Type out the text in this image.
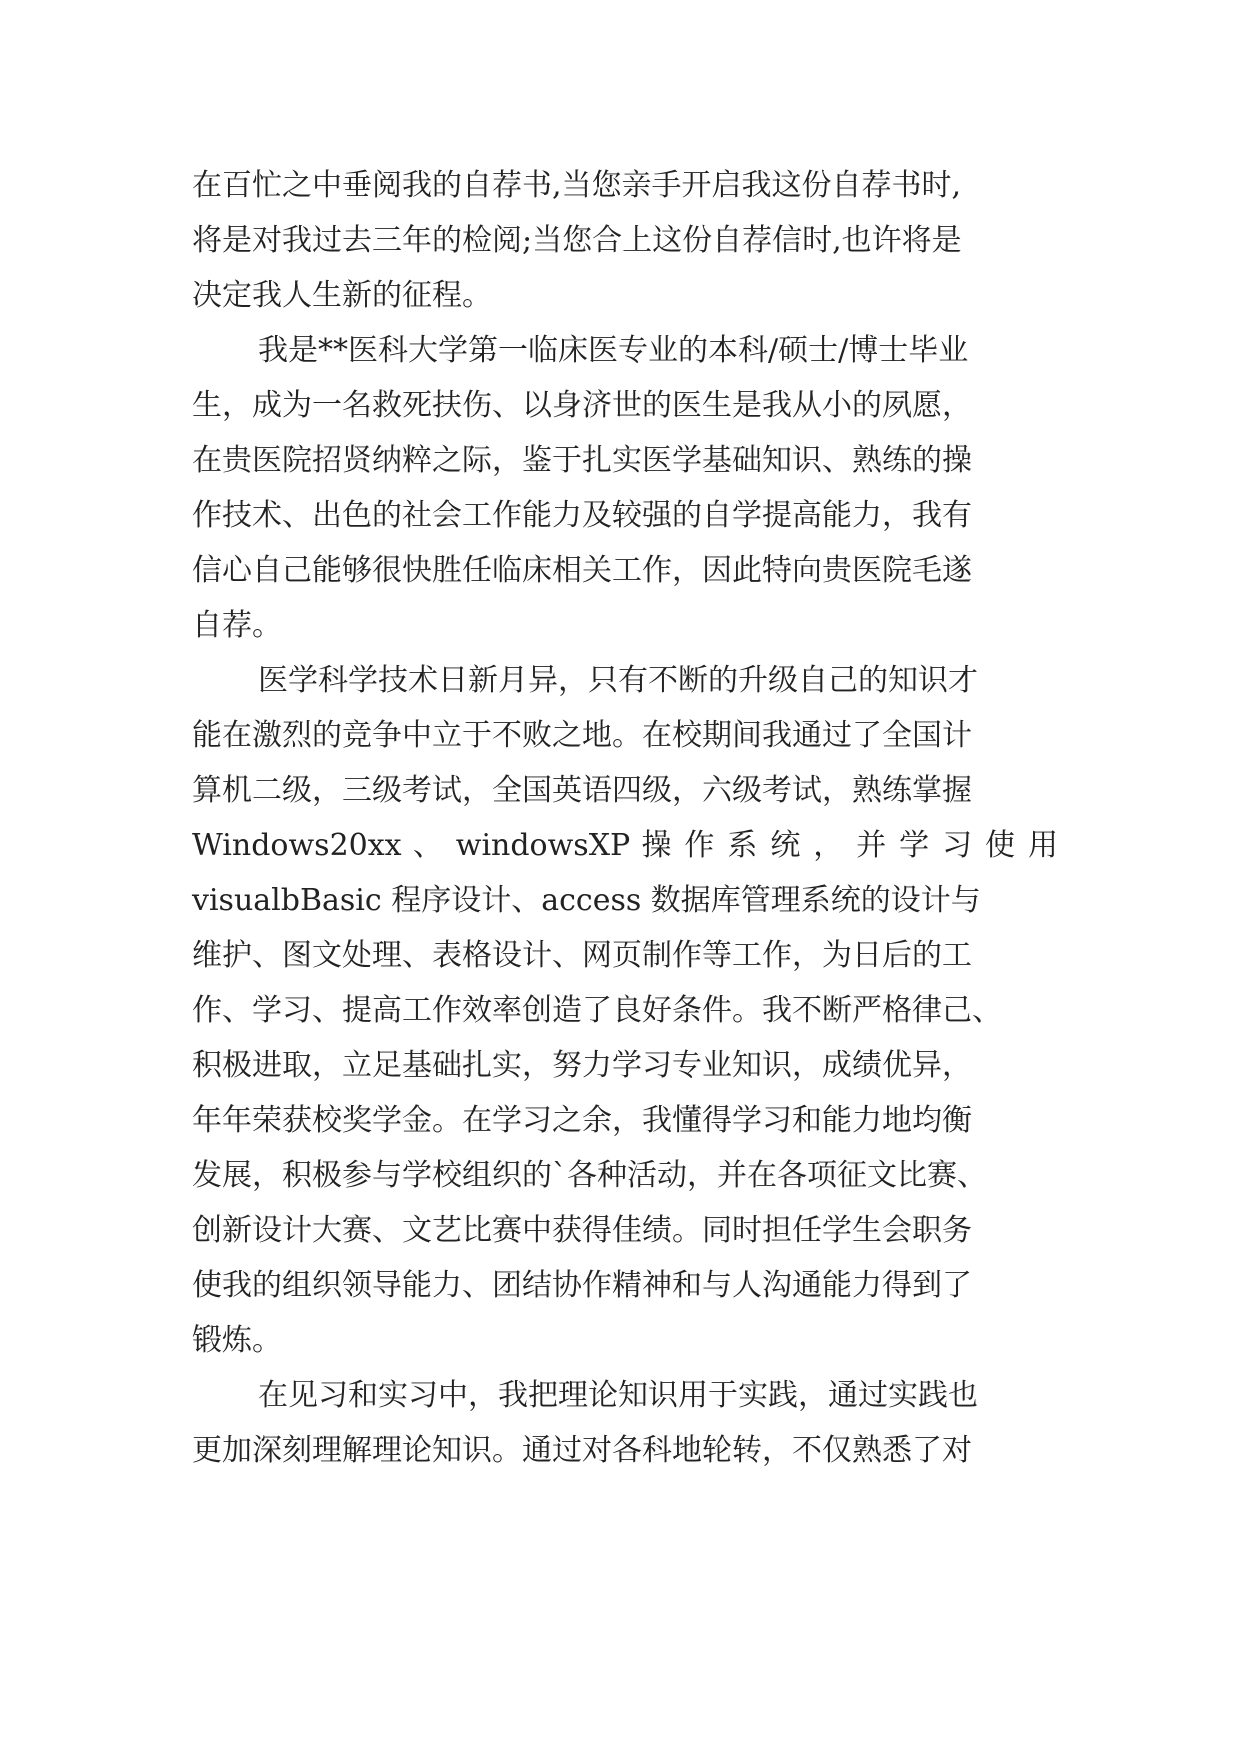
在百忙之中垂阅我的自荐书,当您亲手开启我这份自荐书时,
将是对我过去三年的检阅;当您合上这份自荐信时,也许将是
决定我人生新的征程。
我是**医科大学第一临床医专业的本科/硕士/博士毕业
生，成为一名救死扶伤、以身济世的医生是我从小的夙愿，
在贵医院招贤纳粹之际，鉴于扎实医学基础知识、熟练的操
作技术、出色的社会工作能力及较强的自学提高能力，我有
信心自己能够很快胜任临床相关工作，因此特向贵医院毛遂
自荐。
医学科学技术日新月异，只有不断的升级自己的知识才
能在激烈的竞争中立于不败之地。在校期间我通过了全国计
算机二级，三级考试，全国英语四级，六级考试，熟练掌握
Windows20xx 、 windowsXP 操 作 系 统 ， 并 学 习 使 用
visualbBasic 程序设计、access 数据库管理系统的设计与
维护、图文处理、表格设计、网页制作等工作，为日后的工
作、学习、提高工作效率创造了良好条件。我不断严格律己、
积极进取，立足基础扎实，努力学习专业知识，成绩优异，
年年荣获校奖学金。在学习之余，我懂得学习和能力地均衡
发展，积极参与学校组织的`各种活动，并在各项征文比赛、
创新设计大赛、文艺比赛中获得佳绩。同时担任学生会职务
使我的组织领导能力、团结协作精神和与人沟通能力得到了
锻炼。
在见习和实习中，我把理论知识用于实践，通过实践也
更加深刻理解理论知识。通过对各科地轮转，不仅熟悉了对
